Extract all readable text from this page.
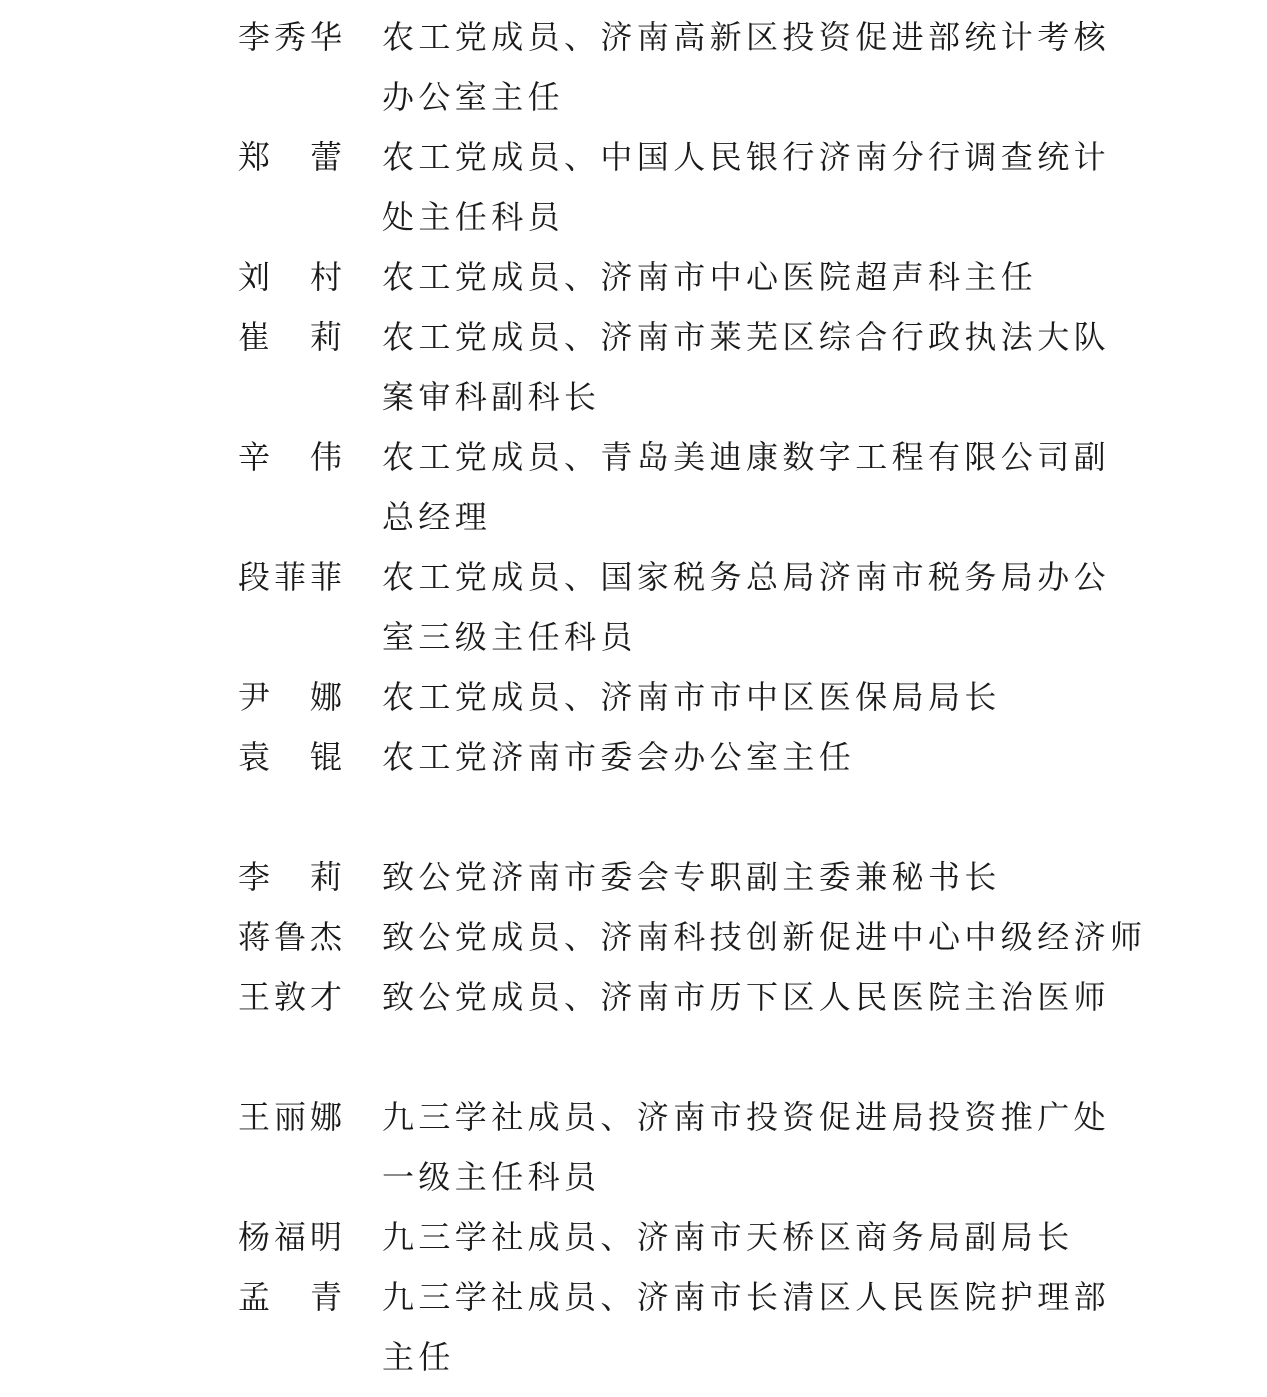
李 秀 华 农工党成员、济南高新区投资促进部统计考核
办公室主任
郑 蕾 农工党成员、中国人民银行济南分行调查统计
处主任科员
刘 村 农工党成员、济南市中心医院超声科主任
崔 莉 农工党成员、济南市莱芜区综合行政执法大队
案审科副科长
辛 伟 农工党成员、青岛美迪康数字工程有限公司副
总经理
段 菲 菲 农工党成员、国家税务总局济南市税务局办公
室三级主任科员
尹 娜 农工党成员、济南市市中区医保局局长
袁 锟 农工党济南市委会办公室主任
李 莉 致公党济南市委会专职副主委兼秘书长
蒋 鲁 杰 致公党成员、济南科技创新促进中心中级经济师
王 敦 才 致公党成员、济南市历下区人民医院主治医师
王 丽 娜 九三学社成员、济南市投资促进局投资推广处
一级主任科员
杨 福 明 九三学社成员、济南市天桥区商务局副局长
孟 青 九三学社成员、济南市长清区人民医院护理部
主任
